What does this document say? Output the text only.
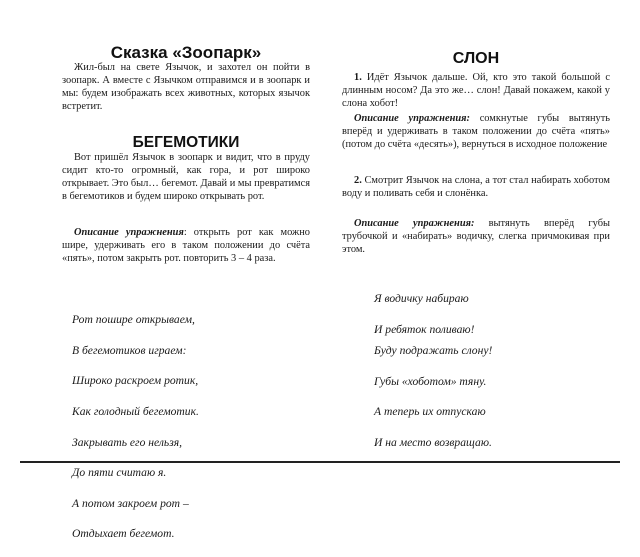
Сказка «Зоопарк»

Жил-был на свете Язычок, и захотел он пойти в зоопарк. А вместе с Язычком отправимся и в зоопарк и мы: будем изображать всех животных, которых язычок встретит.

БЕГЕМОТИКИ

Вот пришёл Язычок в зоопарк и видит, что в пруду сидит кто-то огромный, как гора, и рот широко открывает. Это был… бегемот. Давай и мы превратимся в бегемотиков и будем широко открывать рот.

Описание упражнения: открыть рот как можно шире, удерживать его в таком положении до счёта «пять», потом закрыть рот. повторить 3 – 4 раза.

Рот пошире открываем,

В бегемотиков играем:

Широко раскроем ротик,

Как голодный бегемотик.

Закрывать его нельзя,

До пяти считаю я.

А потом закроем рот –

Отдыхает бегемот.

СЛОН

1. Идёт Язычок дальше. Ой, кто это такой большой с длинным носом? Да это же… слон! Давай покажем, какой у слона хобот!

Описание упражнения: сомкнутые губы вытянуть вперёд и удерживать в таком положении до счёта «пять» (потом до счёта «десять»), вернуться в исходное положение

2. Смотрит Язычок на слона, а тот стал набирать хоботом воду и поливать себя и слонёнка.

Описание упражнения: вытянуть вперёд губы трубочкой и «набирать» водичку, слегка причмокивая при этом.

Я водичку набираю

И ребяток поливаю!

Буду подражать слону!

Губы «хоботом» тяну.

А теперь их отпускаю

И на место возвращаю.
